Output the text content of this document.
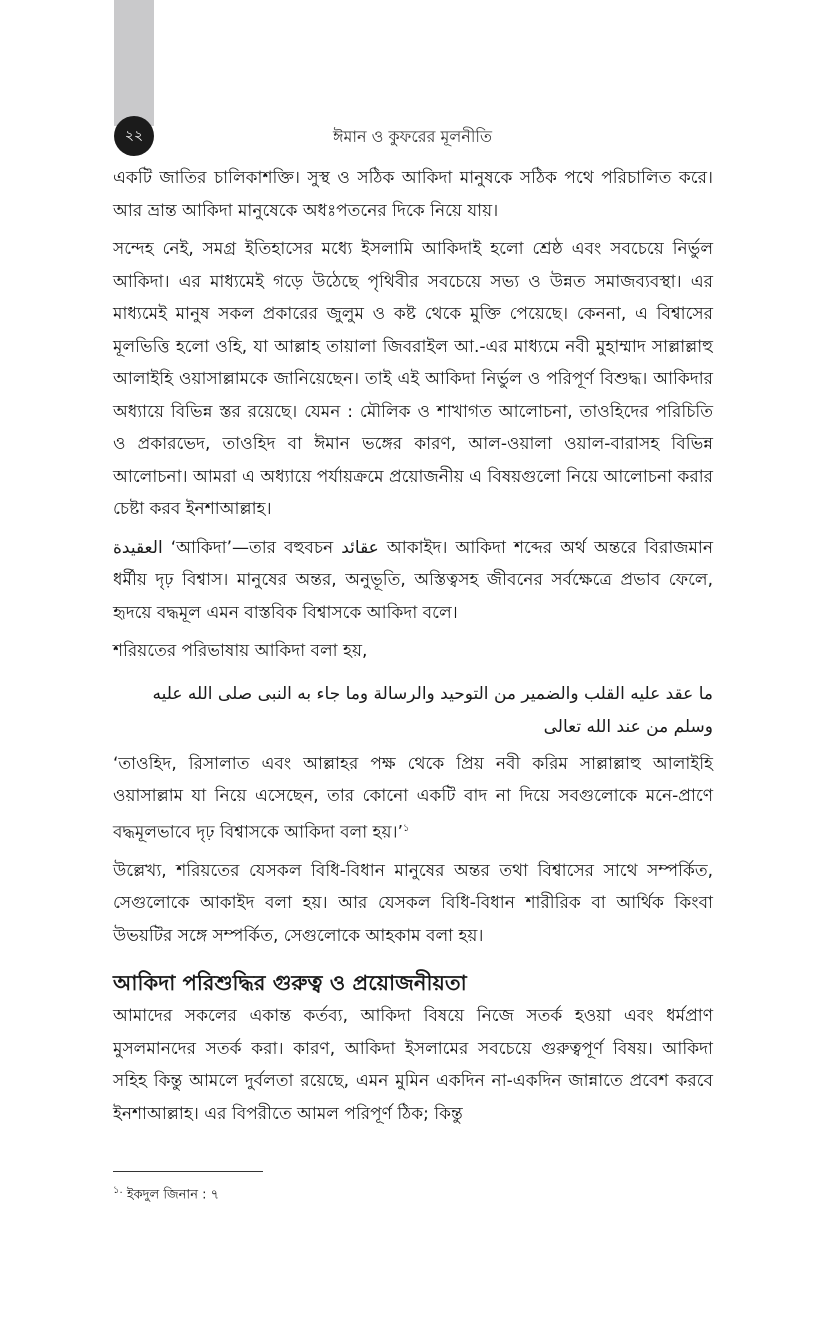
২২	ঈমান ও কুফরের মূলনীতি

একটি জাতির চালিকাশক্তি। সুস্থ ও সঠিক আকিদা মানুষকে সঠিক পথে পরিচালিত করে। আর ভ্রান্ত আকিদা মানুষেকে অধঃপতনের দিকে নিয়ে যায়।

সন্দেহ নেই, সমগ্র ইতিহাসের মধ্যে ইসলামি আকিদাই হলো শ্রেষ্ঠ এবং সবচেয়ে নির্ভুল আকিদা। এর মাধ্যমেই গড়ে উঠেছে পৃথিবীর সবচেয়ে সভ্য ও উন্নত সমাজব্যবস্থা। এর মাধ্যমেই মানুষ সকল প্রকারের জুলুম ও কষ্ট থেকে মুক্তি পেয়েছে। কেননা, এ বিশ্বাসের মূলভিত্তি হলো ওহি, যা আল্লাহ তায়ালা জিবরাইল আ.-এর মাধ্যমে নবী মুহাম্মাদ সাল্লাল্লাহু আলাইহি ওয়াসাল্লামকে জানিয়েছেন। তাই এই আকিদা নির্ভুল ও পরিপূর্ণ বিশুদ্ধ। আকিদার অধ্যায়ে বিভিন্ন স্তর রয়েছে। যেমন : মৌলিক ও শাখাগত আলোচনা, তাওহিদের পরিচিতি ও প্রকারভেদ, তাওহিদ বা ঈমান ভঙ্গের কারণ, আল-ওয়ালা ওয়াল-বারাসহ বিভিন্ন আলোচনা। আমরা এ অধ্যায়ে পর্যায়ক্রমে প্রয়োজনীয় এ বিষয়গুলো নিয়ে আলোচনা করার চেষ্টা করব ইনশাআল্লাহ।

العقيدة ‘আকিদা’—তার বহুবচন عقائد আকাইদ। আকিদা শব্দের অর্থ অন্তরে বিরাজমান ধর্মীয় দৃঢ় বিশ্বাস। মানুষের অন্তর, অনুভূতি, অস্তিত্বসহ জীবনের সর্বক্ষেত্রে প্রভাব ফেলে, হৃদয়ে বদ্ধমূল এমন বাস্তবিক বিশ্বাসকে আকিদা বলে।

শরিয়তের পরিভাষায় আকিদা বলা হয়,

ما عقد عليه القلب والضمير من التوحيد والرسالة وما جاء به النبى صلى الله عليه وسلم من عند الله تعالى

‘তাওহিদ, রিসালাত এবং আল্লাহর পক্ষ থেকে প্রিয় নবী করিম সাল্লাল্লাহু আলাইহি ওয়াসাল্লাম যা নিয়ে এসেছেন, তার কোনো একটি বাদ না দিয়ে সবগুলোকে মনে-প্রাণে বদ্ধমূলভাবে দৃঢ় বিশ্বাসকে আকিদা বলা হয়।’$^১$

উল্লেখ্য, শরিয়তের যেসকল বিধি-বিধান মানুষের অন্তর তথা বিশ্বাসের সাথে সম্পর্কিত, সেগুলোকে আকাইদ বলা হয়। আর যেসকল বিধি-বিধান শারীরিক বা আর্থিক কিংবা উভয়টির সঙ্গে সম্পর্কিত, সেগুলোকে আহকাম বলা হয়।

আকিদা পরিশুদ্ধির গুরুত্ব ও প্রয়োজনীয়তা

আমাদের সকলের একান্ত কর্তব্য, আকিদা বিষয়ে নিজে সতর্ক হওয়া এবং ধর্মপ্রাণ মুসলমানদের সতর্ক করা। কারণ, আকিদা ইসলামের সবচেয়ে গুরুত্বপূর্ণ বিষয়। আকিদা সহিহ কিন্তু আমলে দুর্বলতা রয়েছে, এমন মুমিন একদিন না-একদিন জান্নাতে প্রবেশ করবে ইনশাআল্লাহ। এর বিপরীতে আমল পরিপূর্ণ ঠিক; কিন্তু

$^{১.}$ ইকদুল জিনান : ৭
